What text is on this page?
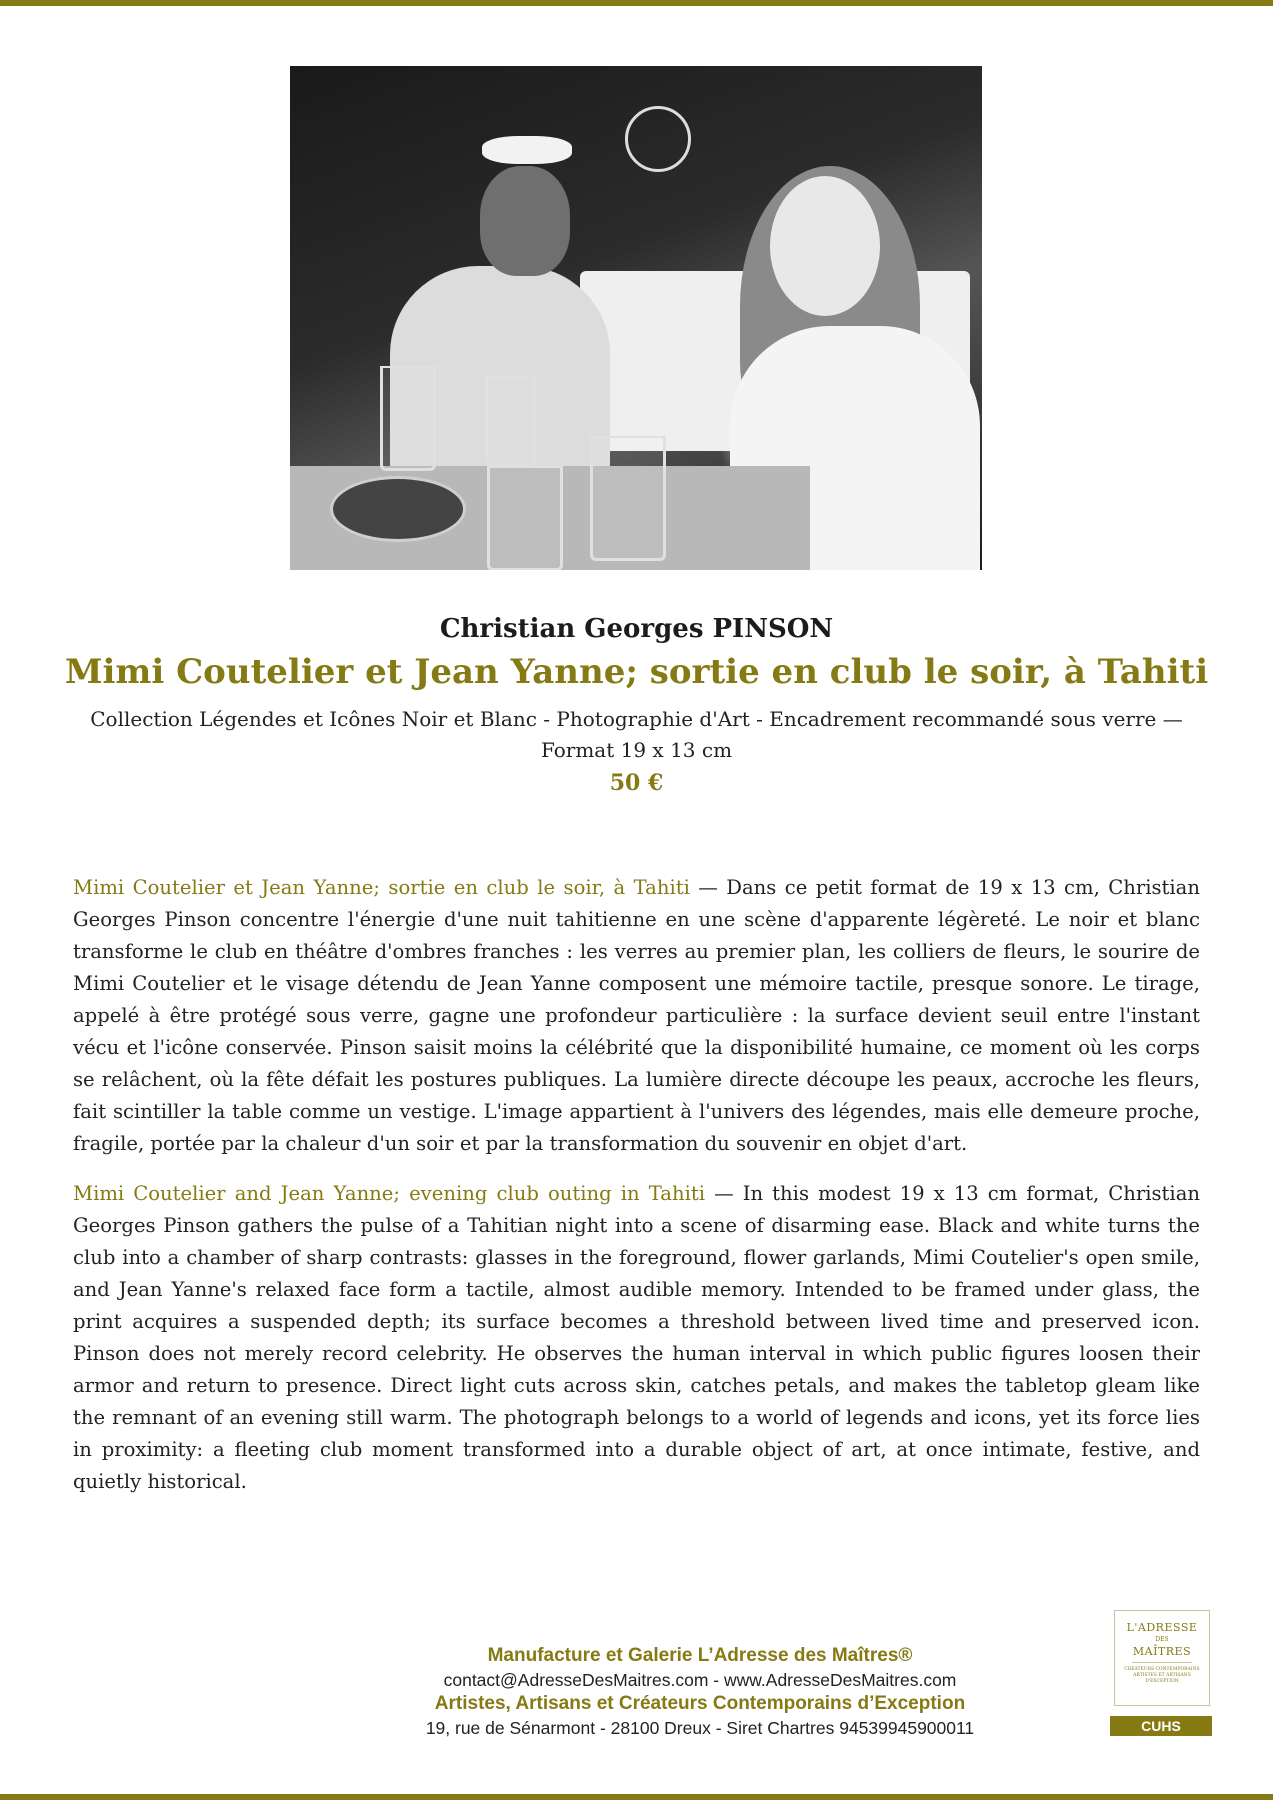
Christian Georges PINSON
Mimi Coutelier et Jean Yanne; sortie en club le soir, à Tahiti
Collection Légendes et Icônes Noir et Blanc - Photographie d'Art - Encadrement recommandé sous verre — Format 19 x 13 cm
50 €
Mimi Coutelier et Jean Yanne; sortie en club le soir, à Tahiti — Dans ce petit format de 19 x 13 cm, Christian Georges Pinson concentre l'énergie d'une nuit tahitienne en une scène d'apparente légèreté. Le noir et blanc transforme le club en théâtre d'ombres franches : les verres au premier plan, les colliers de fleurs, le sourire de Mimi Coutelier et le visage détendu de Jean Yanne composent une mémoire tactile, presque sonore. Le tirage, appelé à être protégé sous verre, gagne une profondeur particulière : la surface devient seuil entre l'instant vécu et l'icône conservée. Pinson saisit moins la célébrité que la disponibilité humaine, ce moment où les corps se relâchent, où la fête défait les postures publiques. La lumière directe découpe les peaux, accroche les fleurs, fait scintiller la table comme un vestige. L'image appartient à l'univers des légendes, mais elle demeure proche, fragile, portée par la chaleur d'un soir et par la transformation du souvenir en objet d'art.
Mimi Coutelier and Jean Yanne; evening club outing in Tahiti — In this modest 19 x 13 cm format, Christian Georges Pinson gathers the pulse of a Tahitian night into a scene of disarming ease. Black and white turns the club into a chamber of sharp contrasts: glasses in the foreground, flower garlands, Mimi Coutelier's open smile, and Jean Yanne's relaxed face form a tactile, almost audible memory. Intended to be framed under glass, the print acquires a suspended depth; its surface becomes a threshold between lived time and preserved icon. Pinson does not merely record celebrity. He observes the human interval in which public figures loosen their armor and return to presence. Direct light cuts across skin, catches petals, and makes the tabletop gleam like the remnant of an evening still warm. The photograph belongs to a world of legends and icons, yet its force lies in proximity: a fleeting club moment transformed into a durable object of art, at once intimate, festive, and quietly historical.
Manufacture et Galerie L’Adresse des Maîtres®
contact@AdresseDesMaitres.com - www.AdresseDesMaitres.com
Artistes, Artisans et Créateurs Contemporains d’Exception
19, rue de Sénarmont - 28100 Dreux - Siret Chartres 94539945900011
L'ADRESSE
DES
MAÎTRES
CRÉATEURS CONTEMPORAINS ARTISTES ET ARTISANS D'EXCEPTION
CUHS
